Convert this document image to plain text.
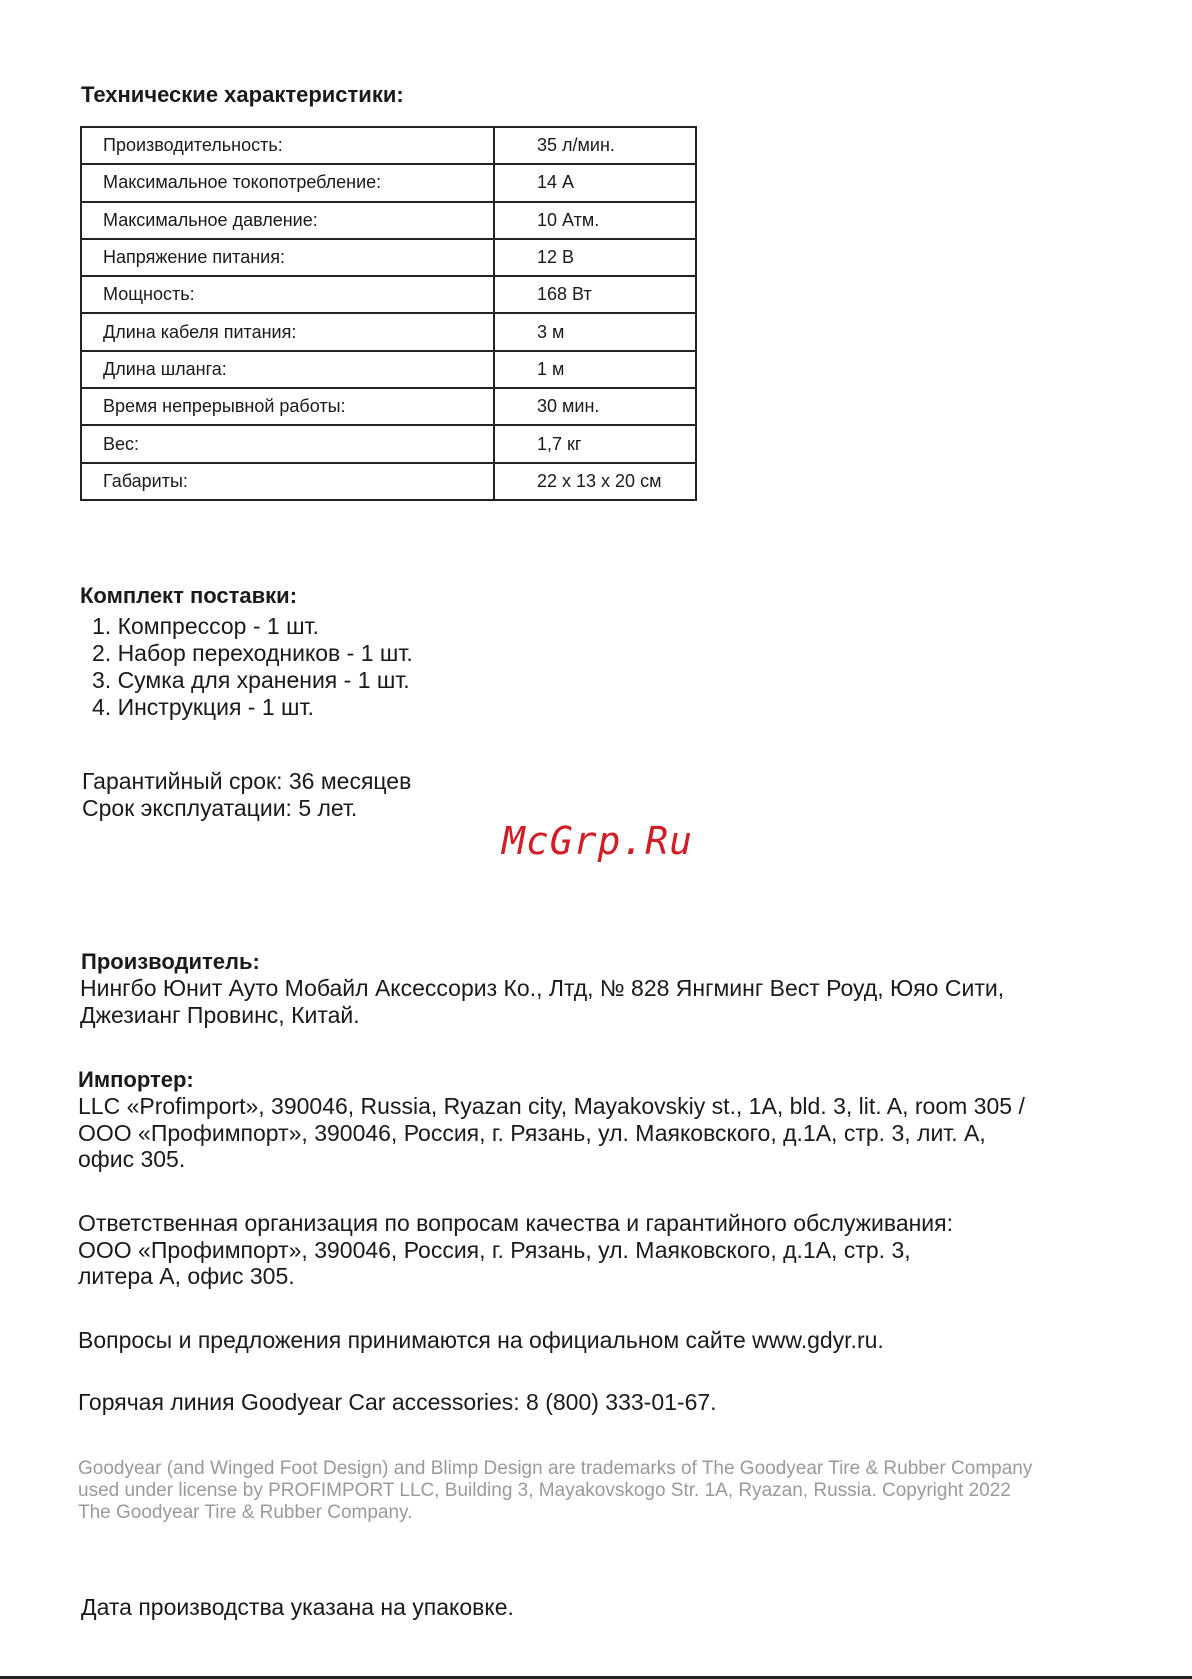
Технические характеристики:
Производительность:	35 л/мин.
Максимальное токопотребление:	14 А
Максимальное давление:	10 Атм.
Напряжение питания:	12 В
Мощность:	168 Вт
Длина кабеля питания:	3 м
Длина шланга:	1 м
Время непрерывной работы:	30 мин.
Вес:	1,7 кг
Габариты:	22 х 13 х 20 см
Комплект поставки:
1. Компрессор - 1 шт.
2. Набор переходников - 1 шт.
3. Сумка для хранения - 1 шт.
4. Инструкция - 1 шт.
Гарантийный срок: 36 месяцев
Срок эксплуатации: 5 лет.
McGrp.Ru
Производитель:
Нингбо Юнит Ауто Мобайл Аксессориз Ко., Лтд, № 828 Янгминг Вест Роуд, Юяо Сити,
Джезианг Провинс, Китай.
Импортер:
LLC «Profimport», 390046, Russia, Ryazan city, Mayakovskiy st., 1A, bld. 3, lit. A, room 305 /
ООО «Профимпорт», 390046, Россия, г. Рязань, ул. Маяковского, д.1А, стр. 3, лит. А,
офис 305.
Ответственная организация по вопросам качества и гарантийного обслуживания:
ООО «Профимпорт», 390046, Россия, г. Рязань, ул. Маяковского, д.1А, стр. 3,
литера А, офис 305.
Вопросы и предложения принимаются на официальном сайте www.gdyr.ru.
Горячая линия Goodyear Car accessories: 8 (800) 333-01-67.
Goodyear (and Winged Foot Design) and Blimp Design are trademarks of The Goodyear Tire & Rubber Company
used under license by PROFIMPORT LLC, Building 3, Mayakovskogo Str. 1A, Ryazan, Russia. Copyright 2022
The Goodyear Tire & Rubber Company.
Дата производства указана на упаковке.
